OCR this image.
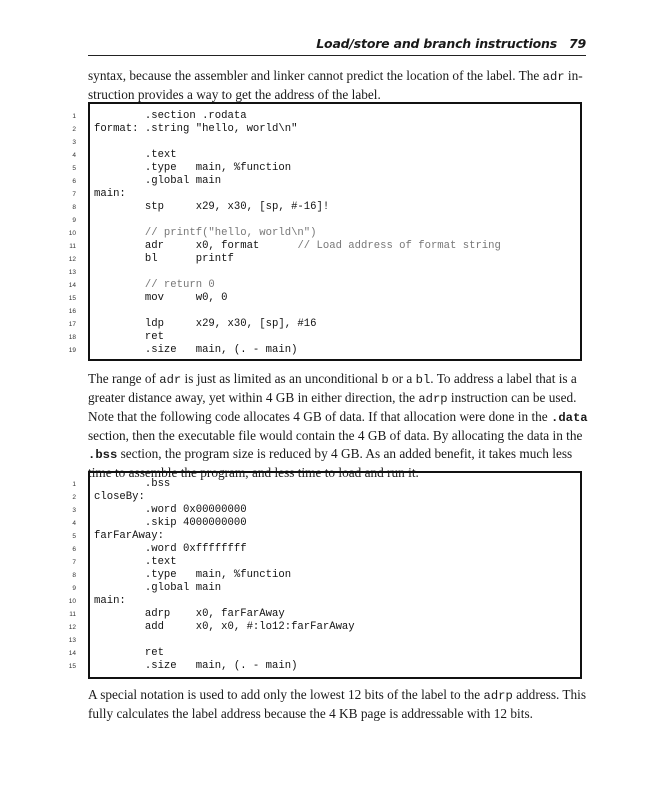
Load/store and branch instructions 79

syntax, because the assembler and linker cannot predict the location of the label. The adr in-struction provides a way to get the address of the label.

1 .section .rodata
2 format: .string "hello, world\n"
3
4 .text
5 .type   main, %function
6 .global main
7 main:
8 stp     x29, x30, [sp, #-16]!
9
10 // printf("hello, world\n")
11 adr     x0, format      // Load address of format string
12 bl      printf
13
14 // return 0
15 mov     w0, 0
16
17 ldp     x29, x30, [sp], #16
18 ret
19 .size   main, (. - main)

The range of adr is just as limited as an unconditional b or a bl. To address a label that is a greater distance away, yet within 4 GB in either direction, the adrp instruction can be used. Note that the following code allocates 4 GB of data. If that allocation were done in the .data section, then the executable file would contain the 4 GB of data. By allocating the data in the .bss section, the program size is reduced by 4 GB. As an added benefit, it takes much less time to assemble the program, and less time to load and run it.

1 .bss
2 closeBy:
3 .word 0x00000000
4 .skip 4000000000
5 farFarAway:
6 .word 0xffffffff
7 .text
8 .type   main, %function
9 .global main
10 main:
11 adrp    x0, farFarAway
12 add     x0, x0, #:lo12:farFarAway
13
14 ret
15 .size   main, (. - main)

A special notation is used to add only the lowest 12 bits of the label to the adrp address. This fully calculates the label address because the 4 KB page is addressable with 12 bits.
